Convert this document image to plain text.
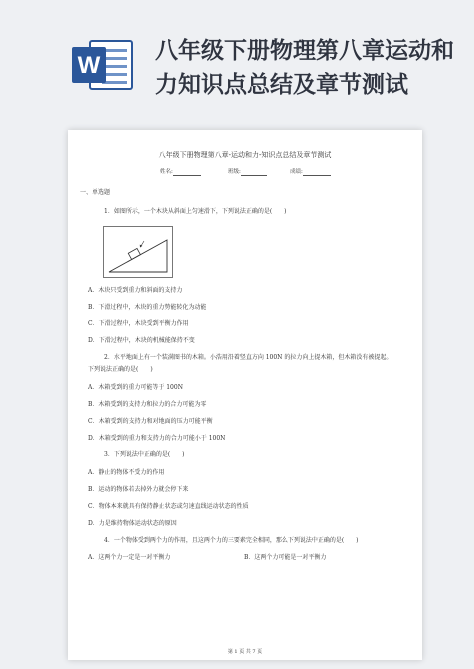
W
八年级下册物理第八章运动和力知识点总结及章节测试
八年级下册物理第八章-运动和力-知识点总结及章节测试
姓名:	班级:	成绩:
一、单选题
1．如图所示，一个木块从斜面上匀速滑下，下列说法正确的是(　　)
A．木块只受到重力和斜面的支持力
B．下滑过程中，木块的重力势能转化为动能
C．下滑过程中，木块受到平衡力作用
D．下滑过程中，木块的机械能保持不变
2．水平地面上有一个装满图书的木箱。小浩用沿着竖直方向 100N 的拉力向上提木箱，但木箱没有被提起。
下列说法正确的是(　　)
A．木箱受到的重力可能等于 100N
B．木箱受到的支持力和拉力的合力可能为零
C．木箱受到的支持力和对地面的压力可能平衡
D．木箱受到的重力和支持力的合力可能小于 100N
3．下列说法中正确的是(　　)
A．静止的物体不受力的作用
B．运动的物体若去掉外力就会停下来
C．物体本来就具有保持静止状态或匀速直线运动状态的性质
D．力是维持物体运动状态的原因
4．一个物体受到两个力的作用，且这两个力的三要素完全相同，那么下列说法中正确的是(　　)
A．这两个力一定是一对平衡力	B．这两个力可能是一对平衡力
第 1 页 共 7 页
